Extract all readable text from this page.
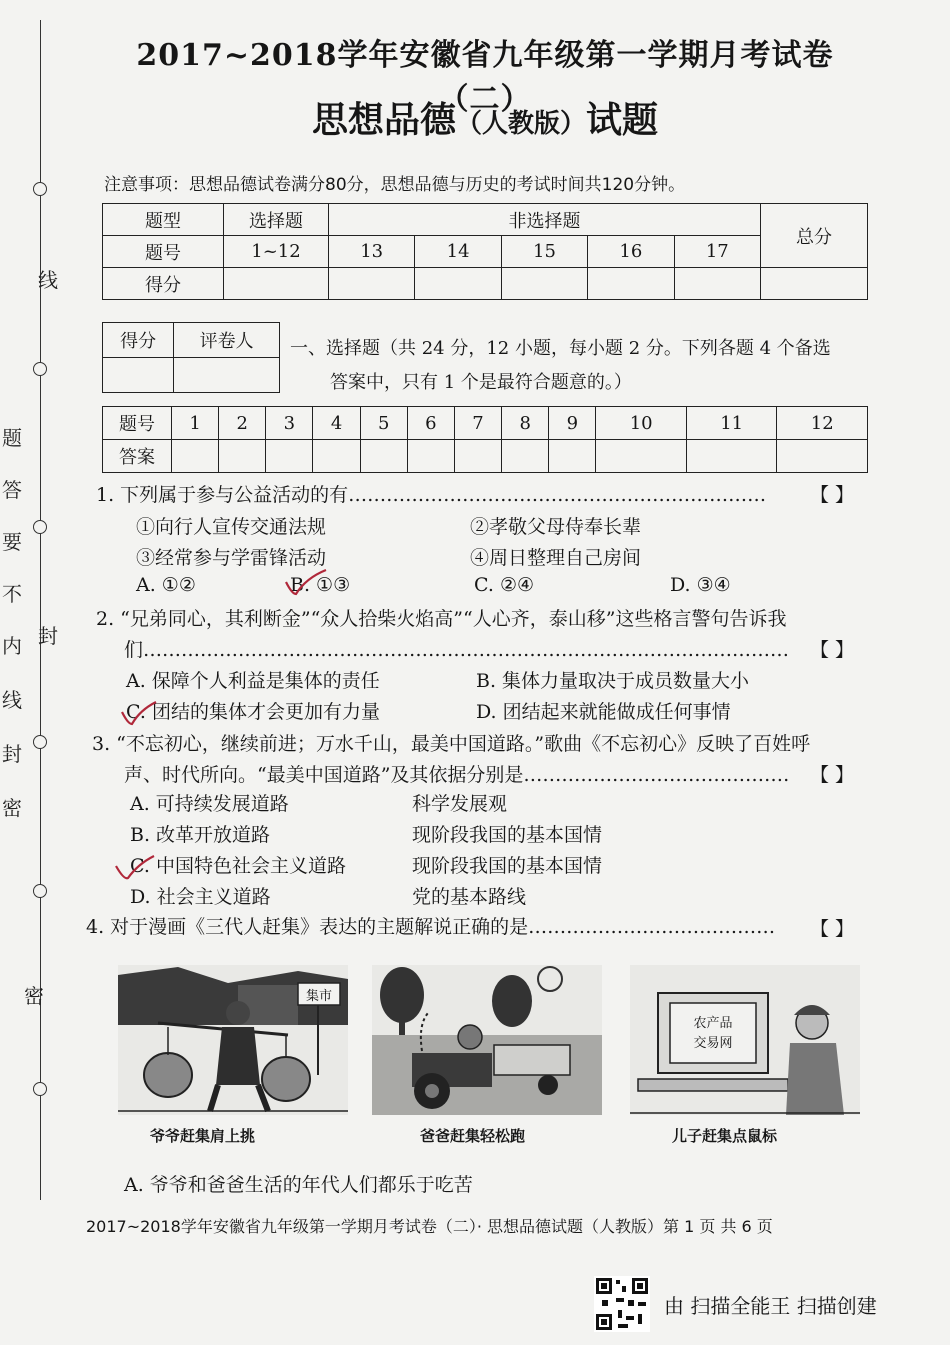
线
题
答
要
不
内
线
封
密
封
密
2017~2018学年安徽省九年级第一学期月考试卷（二）
思想品德（人教版）试题
注意事项：思想品德试卷满分80分，思想品德与历史的考试时间共120分钟。
题型	选择题	非选择题					总分
题号	1~12	13	14	15	16	17	
得分							
得分	评卷人
	一、选择题（共 24 分，12 小题，每小题 2 分。下列各题 4 个备选
答案中，只有 1 个是最符合题意的。）
题号	1	2	3	4	5	6	7	8	9	10	11	12
答案												
1. 下列属于参与公益活动的有………………………………………………………… 【 】
①向行人宣传交通法规	②孝敬父母侍奉长辈
③经常参与学雷锋活动	④周日整理自己房间
A. ①②	B. ①③	C. ②④	D. ③④
2. “兄弟同心，其利断金”“众人拾柴火焰高”“人心齐，泰山移”这些格言警句告诉我
们………………………………………………………………………………………… 【 】
A. 保障个人利益是集体的责任	B. 集体力量取决于成员数量大小
C. 团结的集体才会更加有力量	D. 团结起来就能做成任何事情
3. “不忘初心，继续前进；万水千山，最美中国道路。”歌曲《不忘初心》反映了百姓呼
声、时代所向。“最美中国道路”及其依据分别是…………………………………… 【 】
A. 可持续发展道路	科学发展观
B. 改革开放道路	现阶段我国的基本国情
C. 中国特色社会主义道路	现阶段我国的基本国情
D. 社会主义道路	党的基本路线
4. 对于漫画《三代人赶集》表达的主题解说正确的是………………………………… 【 】
集市
爷爷赶集肩上挑	爸爸赶集轻松跑
农产品
交易网
儿子赶集点鼠标
A. 爷爷和爸爸生活的年代人们都乐于吃苦
2017~2018学年安徽省九年级第一学期月考试卷（二）· 思想品德试题（人教版）第 1 页 共 6 页
由 扫描全能王 扫描创建
